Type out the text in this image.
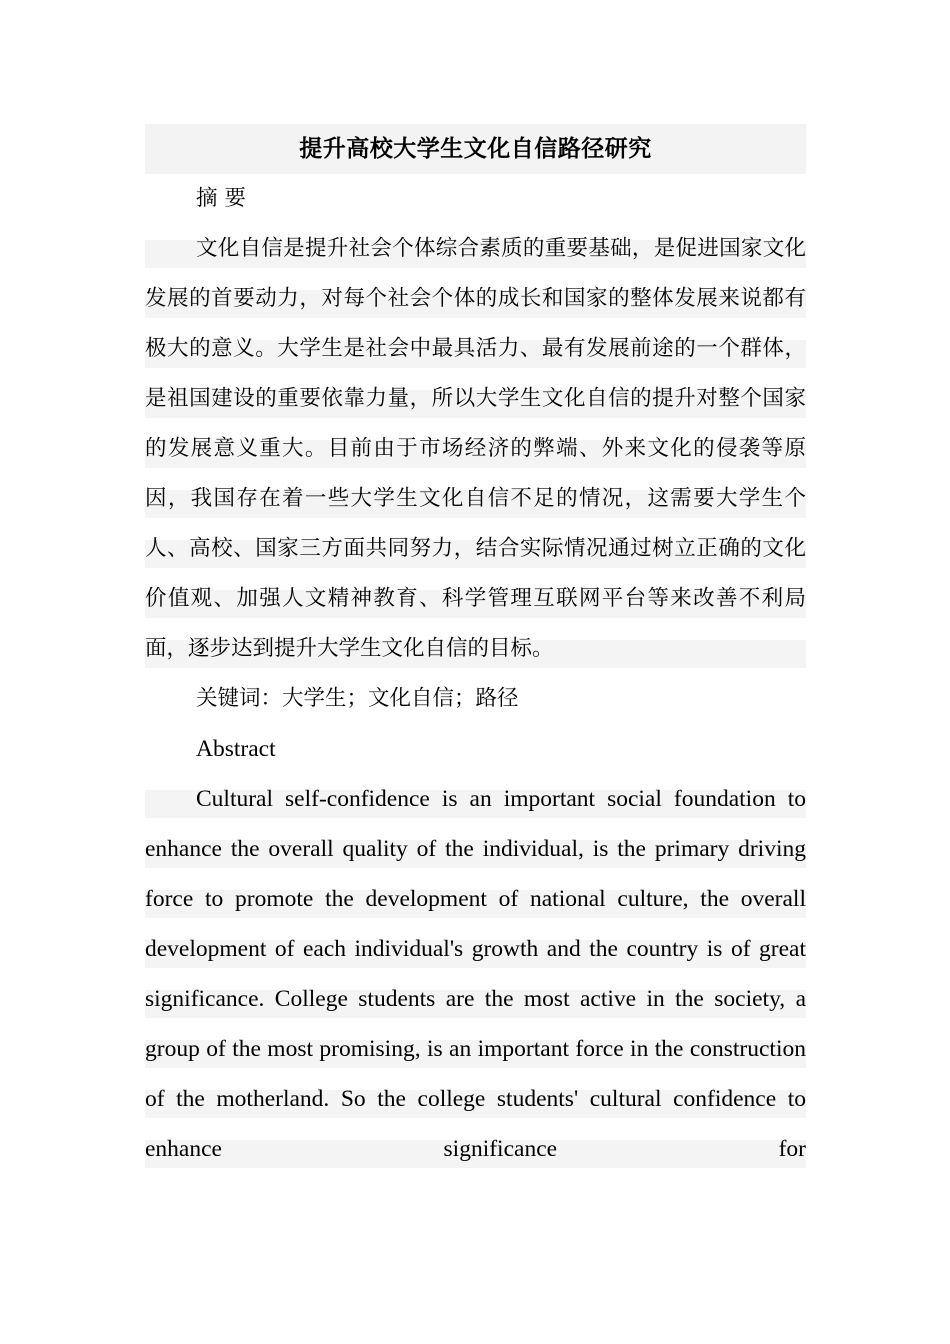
提升高校大学生文化自信路径研究

摘 要

文化自信是提升社会个体综合素质的重要基础，是促进国家文化发展的首要动力，对每个社会个体的成长和国家的整体发展来说都有极大的意义。大学生是社会中最具活力、最有发展前途的一个群体，是祖国建设的重要依靠力量，所以大学生文化自信的提升对整个国家的发展意义重大。目前由于市场经济的弊端、外来文化的侵袭等原因，我国存在着一些大学生文化自信不足的情况，这需要大学生个人、高校、国家三方面共同努力，结合实际情况通过树立正确的文化价值观、加强人文精神教育、科学管理互联网平台等来改善不利局面，逐步达到提升大学生文化自信的目标。

关键词：大学生；文化自信；路径

Abstract

Cultural self-confidence is an important social foundation to enhance the overall quality of the individual, is the primary driving force to promote the development of national culture, the overall development of each individual's growth and the country is of great significance. College students are the most active in the society, a group of the most promising, is an important force in the construction of the motherland. So the college students' cultural confidence to enhance significance for
